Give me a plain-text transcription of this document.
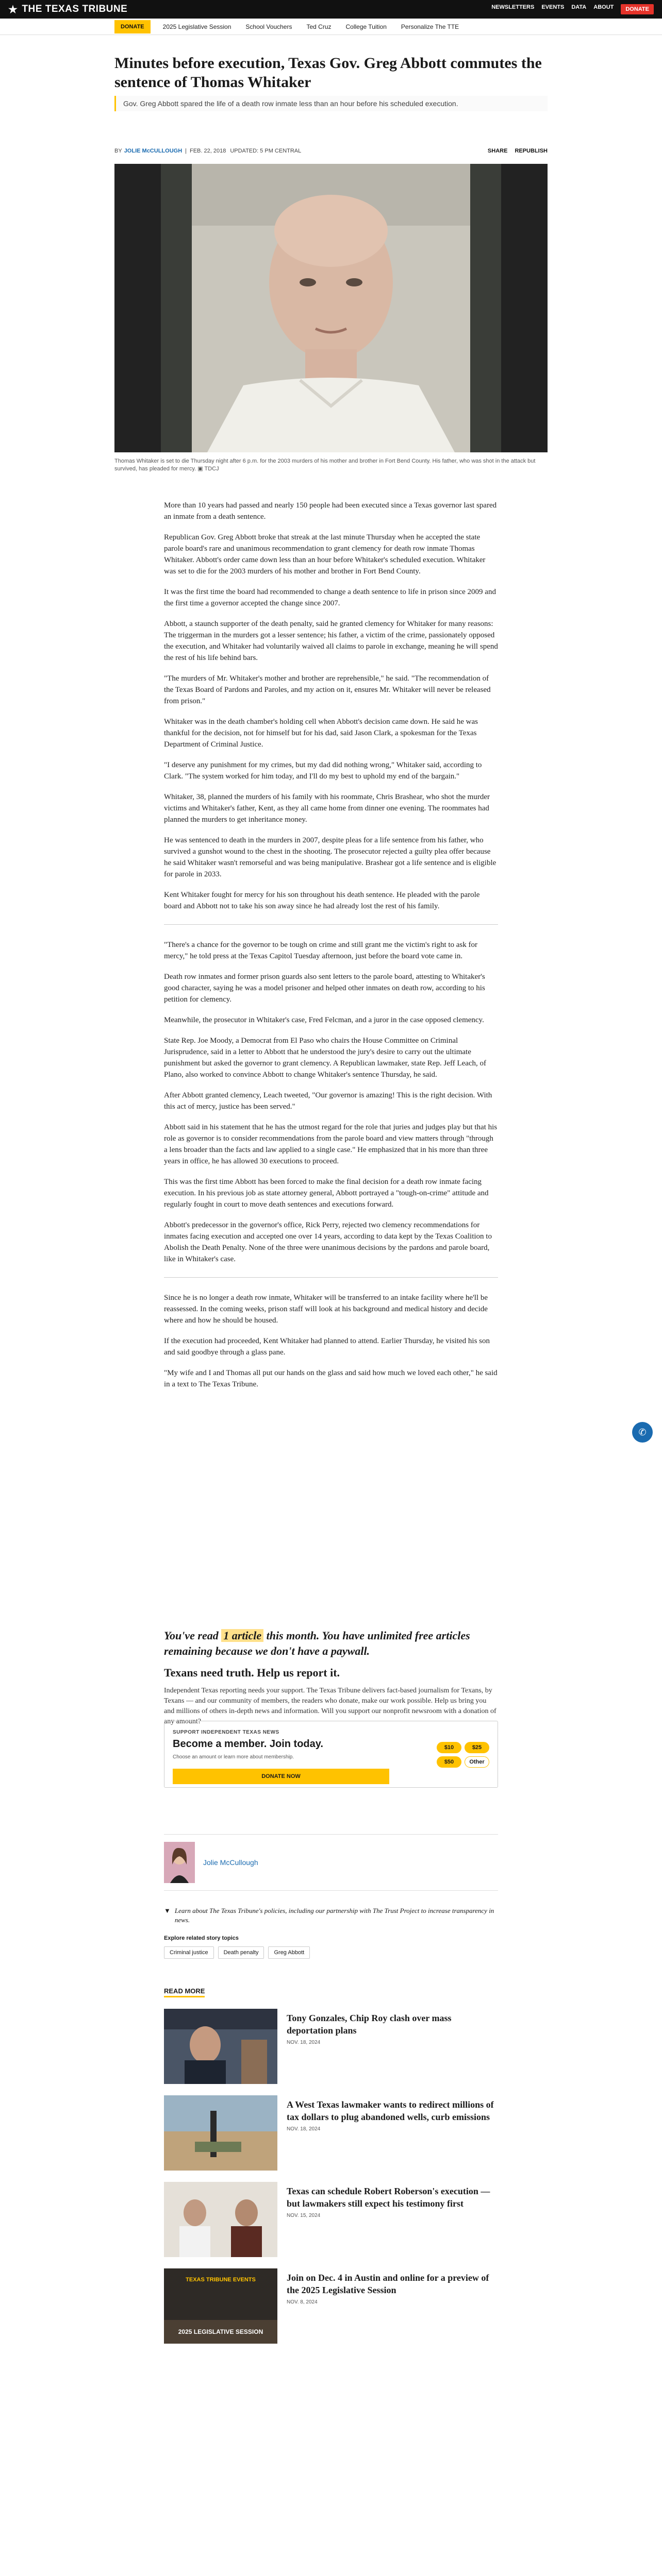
★ THE TEXAS TRIBUNE	NEWSLETTERS EVENTS DATA ABOUT	DONATE
DONATE	2025 Legislative Session School Vouchers Ted Cruz College Tuition Personalize The TTE
Minutes before execution, Texas Gov. Greg Abbott commutes the sentence of Thomas Whitaker
Gov. Greg Abbott spared the life of a death row inmate less than an hour before his scheduled execution.
BY JOLIE McCULLOUGH | FEB. 22, 2018 UPDATED: 5 PM CENTRAL	SHARE REPUBLISH
Thomas Whitaker is set to die Thursday night after 6 p.m. for the 2003 murders of his mother and brother in Fort Bend County. His father, who was shot in the attack but survived, has pleaded for mercy. ▣ TDCJ

More than 10 years had passed and nearly 150 people had been executed since a Texas governor last spared an inmate from a death sentence.

Republican Gov. Greg Abbott broke that streak at the last minute Thursday when he accepted the state parole board's rare and unanimous recommendation to grant clemency for death row inmate Thomas Whitaker. Abbott's order came down less than an hour before Whitaker's scheduled execution. Whitaker was set to die for the 2003 murders of his mother and brother in Fort Bend County.

It was the first time the board had recommended to change a death sentence to life in prison since 2009 and the first time a governor accepted the change since 2007.

Abbott, a staunch supporter of the death penalty, said he granted clemency for Whitaker for many reasons: The triggerman in the murders got a lesser sentence; his father, a victim of the crime, passionately opposed the execution, and Whitaker had voluntarily waived all claims to parole in exchange, meaning he will spend the rest of his life behind bars.

"The murders of Mr. Whitaker's mother and brother are reprehensible," he said. "The recommendation of the Texas Board of Pardons and Paroles, and my action on it, ensures Mr. Whitaker will never be released from prison."

Whitaker was in the death chamber's holding cell when Abbott's decision came down. He said he was thankful for the decision, not for himself but for his dad, said Jason Clark, a spokesman for the Texas Department of Criminal Justice.

"I deserve any punishment for my crimes, but my dad did nothing wrong," Whitaker said, according to Clark. "The system worked for him today, and I'll do my best to uphold my end of the bargain."

Whitaker, 38, planned the murders of his family with his roommate, Chris Brashear, who shot the murder victims and Whitaker's father, Kent, as they all came home from dinner one evening. The roommates had planned the murders to get inheritance money.

He was sentenced to death in the murders in 2007, despite pleas for a life sentence from his father, who survived a gunshot wound to the chest in the shooting. The prosecutor rejected a guilty plea offer because he said Whitaker wasn't remorseful and was being manipulative. Brashear got a life sentence and is eligible for parole in 2033.

Kent Whitaker fought for mercy for his son throughout his death sentence. He pleaded with the parole board and Abbott not to take his son away since he had already lost the rest of his family.

"There's a chance for the governor to be tough on crime and still grant me the victim's right to ask for mercy," he told press at the Texas Capitol Tuesday afternoon, just before the board vote came in.

Death row inmates and former prison guards also sent letters to the parole board, attesting to Whitaker's good character, saying he was a model prisoner and helped other inmates on death row, according to his petition for clemency.

Meanwhile, the prosecutor in Whitaker's case, Fred Felcman, and a juror in the case opposed clemency.

State Rep. Joe Moody, a Democrat from El Paso who chairs the House Committee on Criminal Jurisprudence, said in a letter to Abbott that he understood the jury's desire to carry out the ultimate punishment but asked the governor to grant clemency. A Republican lawmaker, state Rep. Jeff Leach, of Plano, also worked to convince Abbott to change Whitaker's sentence Thursday, he said.

After Abbott granted clemency, Leach tweeted, "Our governor is amazing! This is the right decision. With this act of mercy, justice has been served."

Abbott said in his statement that he has the utmost regard for the role that juries and judges play but that his role as governor is to consider recommendations from the parole board and view matters through "through a lens broader than the facts and law applied to a single case." He emphasized that in his more than three years in office, he has allowed 30 executions to proceed.

This was the first time Abbott has been forced to make the final decision for a death row inmate facing execution. In his previous job as state attorney general, Abbott portrayed a "tough-on-crime" attitude and regularly fought in court to move death sentences and executions forward.

Abbott's predecessor in the governor's office, Rick Perry, rejected two clemency recommendations for inmates facing execution and accepted one over 14 years, according to data kept by the Texas Coalition to Abolish the Death Penalty. None of the three were unanimous decisions by the pardons and parole board, like in Whitaker's case.

Since he is no longer a death row inmate, Whitaker will be transferred to an intake facility where he'll be reassessed. In the coming weeks, prison staff will look at his background and medical history and decide where and how he should be housed.

If the execution had proceeded, Kent Whitaker had planned to attend. Earlier Thursday, he visited his son and said goodbye through a glass pane.

"My wife and I and Thomas all put our hands on the glass and said how much we loved each other," he said in a text to The Texas Tribune.

✆
You've read 1 article this month. You have unlimited free articles remaining because we don't have a paywall.
Texans need truth. Help us report it.

Independent Texas reporting needs your support. The Texas Tribune delivers fact-based journalism for Texans, by Texans — and our community of members, the readers who donate, make our work possible. Help us bring you and millions of others in-depth news and information. Will you support our nonprofit newsroom with a donation of any amount?

SUPPORT INDEPENDENT TEXAS NEWS
Become a member. Join today.
Choose an amount or learn more about membership.
$10	$25
$50	Other
DONATE NOW
Jolie McCullough
▼ Learn about The Texas Tribune's policies, including our partnership with The Trust Project to increase transparency in news.
Explore related story topics
Criminal justice	Death penalty	Greg Abbott
READ MORE
Tony Gonzales, Chip Roy clash over mass deportation plans
NOV. 18, 2024
A West Texas lawmaker wants to redirect millions of tax dollars to plug abandoned wells, curb emissions
NOV. 18, 2024
Texas can schedule Robert Roberson's execution — but lawmakers still expect his testimony first
NOV. 15, 2024
TEXAS TRIBUNE EVENTS
2025 LEGISLATIVE SESSION
Join on Dec. 4 in Austin and online for a preview of the 2025 Legislative Session
NOV. 8, 2024
